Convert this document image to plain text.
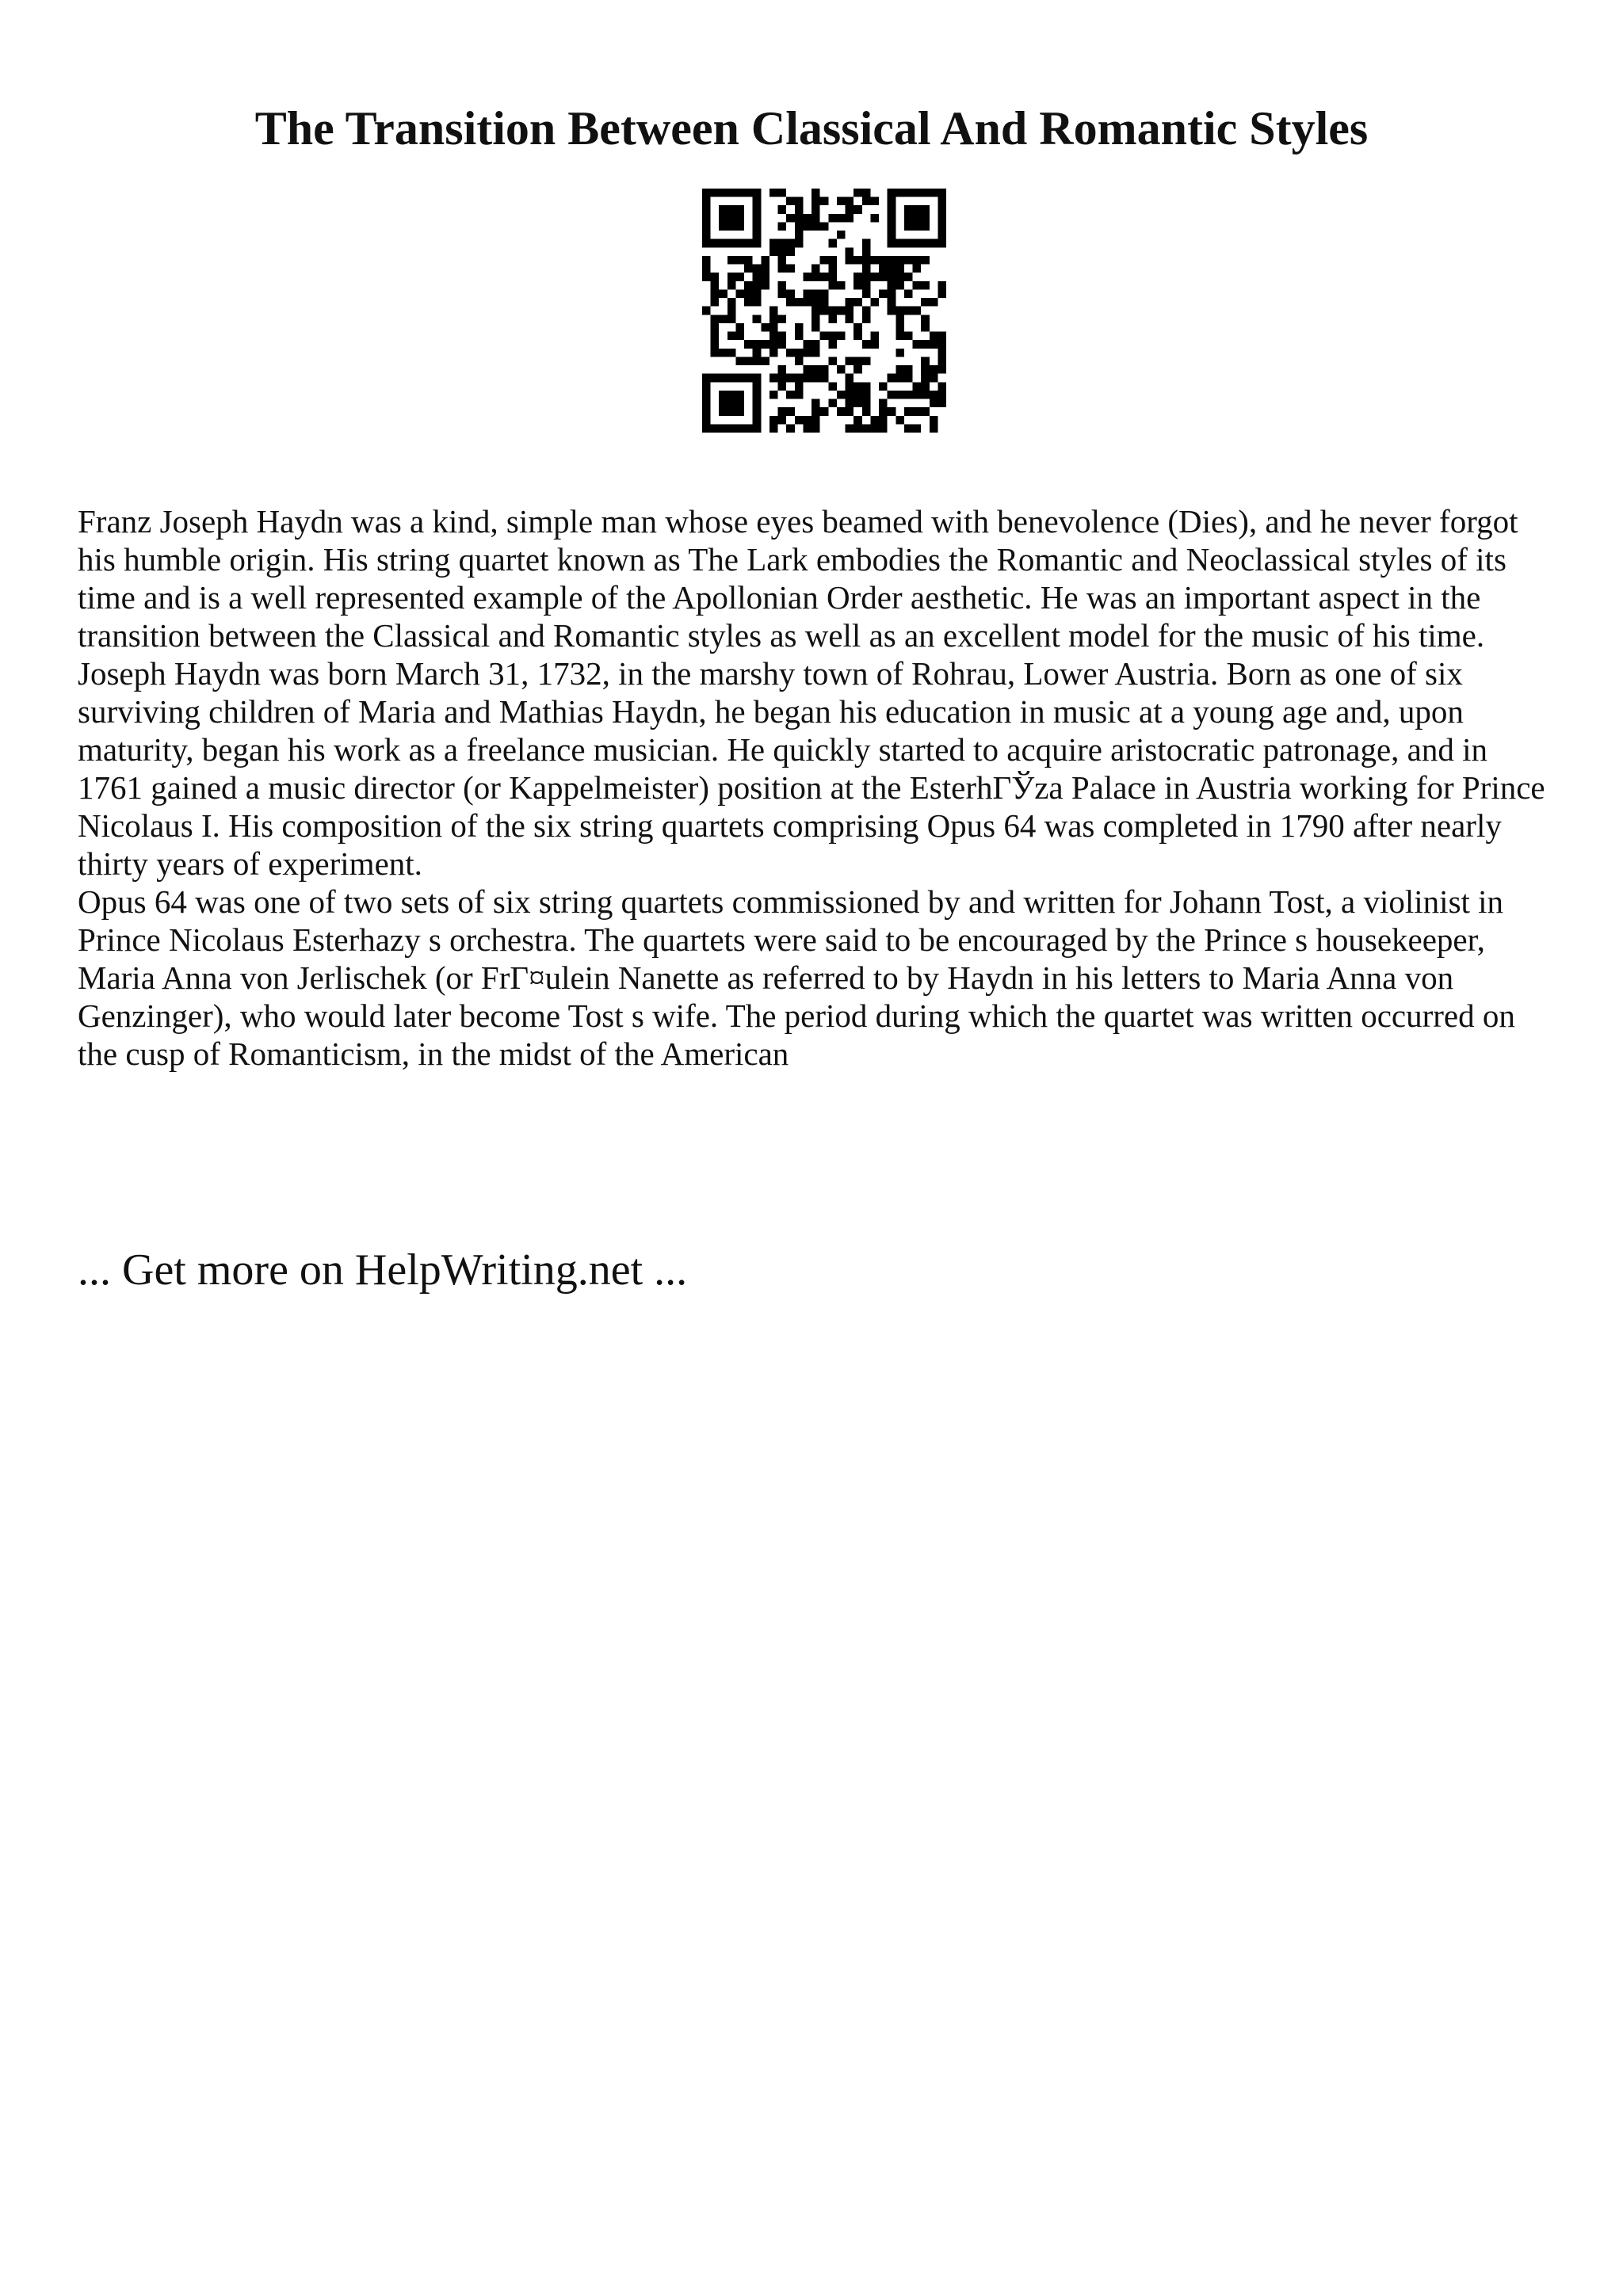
The Transition Between Classical And Romantic Styles

Franz Joseph Haydn was a kind, simple man whose eyes beamed with benevolence (Dies), and he never forgot his humble origin. His string quartet known as The Lark embodies the Romantic and Neoclassical styles of its time and is a well represented example of the Apollonian Order aesthetic. He was an important aspect in the transition between the Classical and Romantic styles as well as an excellent model for the music of his time.

Joseph Haydn was born March 31, 1732, in the marshy town of Rohrau, Lower Austria. Born as one of six surviving children of Maria and Mathias Haydn, he began his education in music at a young age and, upon maturity, began his work as a freelance musician. He quickly started to acquire aristocratic patronage, and in 1761 gained a music director (or Kappelmeister) position at the EsterhГЎza Palace in Austria working for Prince Nicolaus I. His composition of the six string quartets comprising Opus 64 was completed in 1790 after nearly thirty years of experiment.

Opus 64 was one of two sets of six string quartets commissioned by and written for Johann Tost, a violinist in Prince Nicolaus Esterhazy s orchestra. The quartets were said to be encouraged by the Prince s housekeeper, Maria Anna von Jerlischek (or FrГ¤ulein Nanette as referred to by Haydn in his letters to Maria Anna von Genzinger), who would later become Tost s wife. The period during which the quartet was written occurred on the cusp of Romanticism, in the midst of the American

... Get more on HelpWriting.net ...
